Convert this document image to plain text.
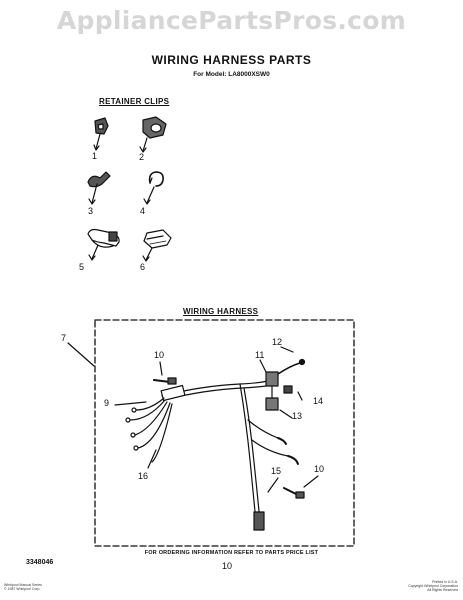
AppliancePartsPros.com
WIRING HARNESS PARTS
For Model: LA8000XSW0
RETAINER CLIPS
WIRING HARNESS
1	2
3	4
5	6
7
9
10
10
11
12
13
14
15
16
FOR ORDERING INFORMATION REFER TO PARTS PRICE LIST
10
3348046
Whirlpool Manual Series
© 1987 Whirlpool Corp.
Printed in U.S.A.
Copyright Whirlpool Corporation
All Rights Reserved
